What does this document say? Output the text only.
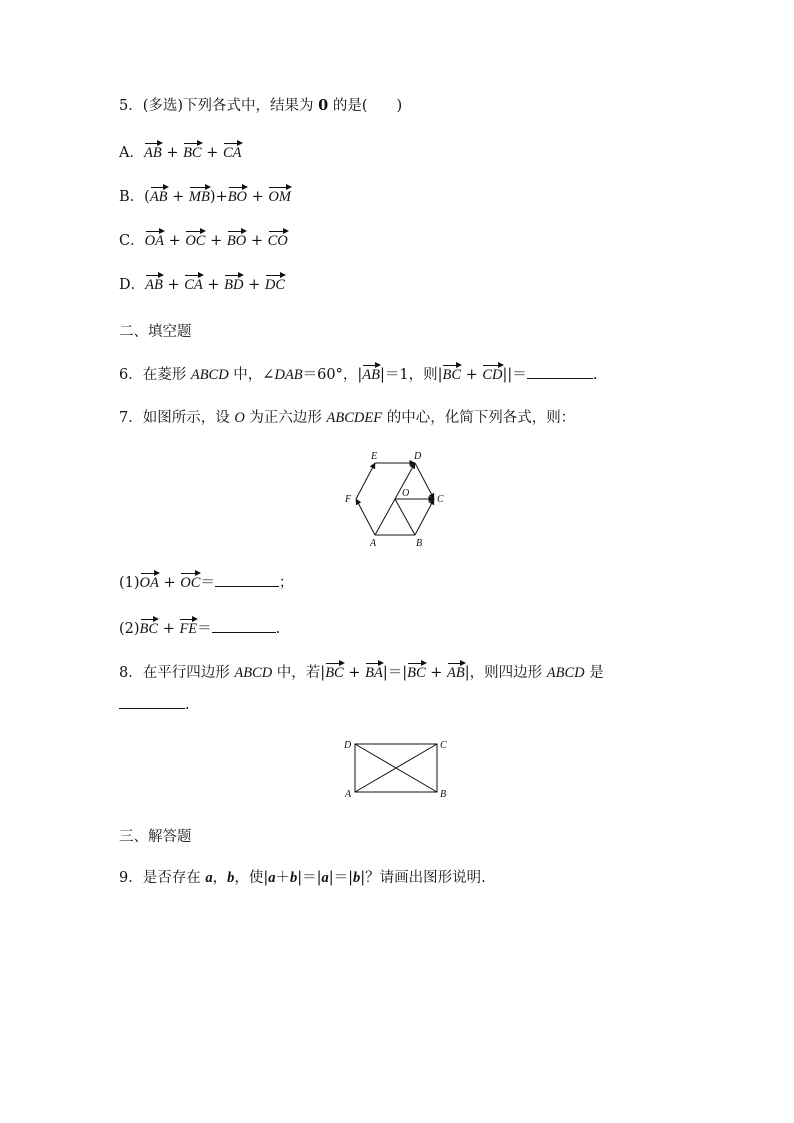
5．(多选)下列各式中，结果为 0 的是(　　)
A．AB + BC + CA
B．(AB + MB)+BO + OM
C．OA + OC + BO + CO
D．AB + CA + BD + DC
二、填空题
6．在菱形 ABCD 中，∠DAB＝60°，|AB|＝1，则|BC + CD||＝	.
7．如图所示，设 O 为正六边形 ABCDEF 的中心，化简下列各式，则：
E	D
F	C
O
A	B
(1)OA + OC＝	；
(2)BC + FE＝	.
8．在平行四边形 ABCD 中，若|BC + BA|＝|BC + AB|，则四边形 ABCD 是
.
D	C
A	B
三、解答题
9．是否存在 a，b，使|a＋b|＝|a|＝|b|？请画出图形说明.
